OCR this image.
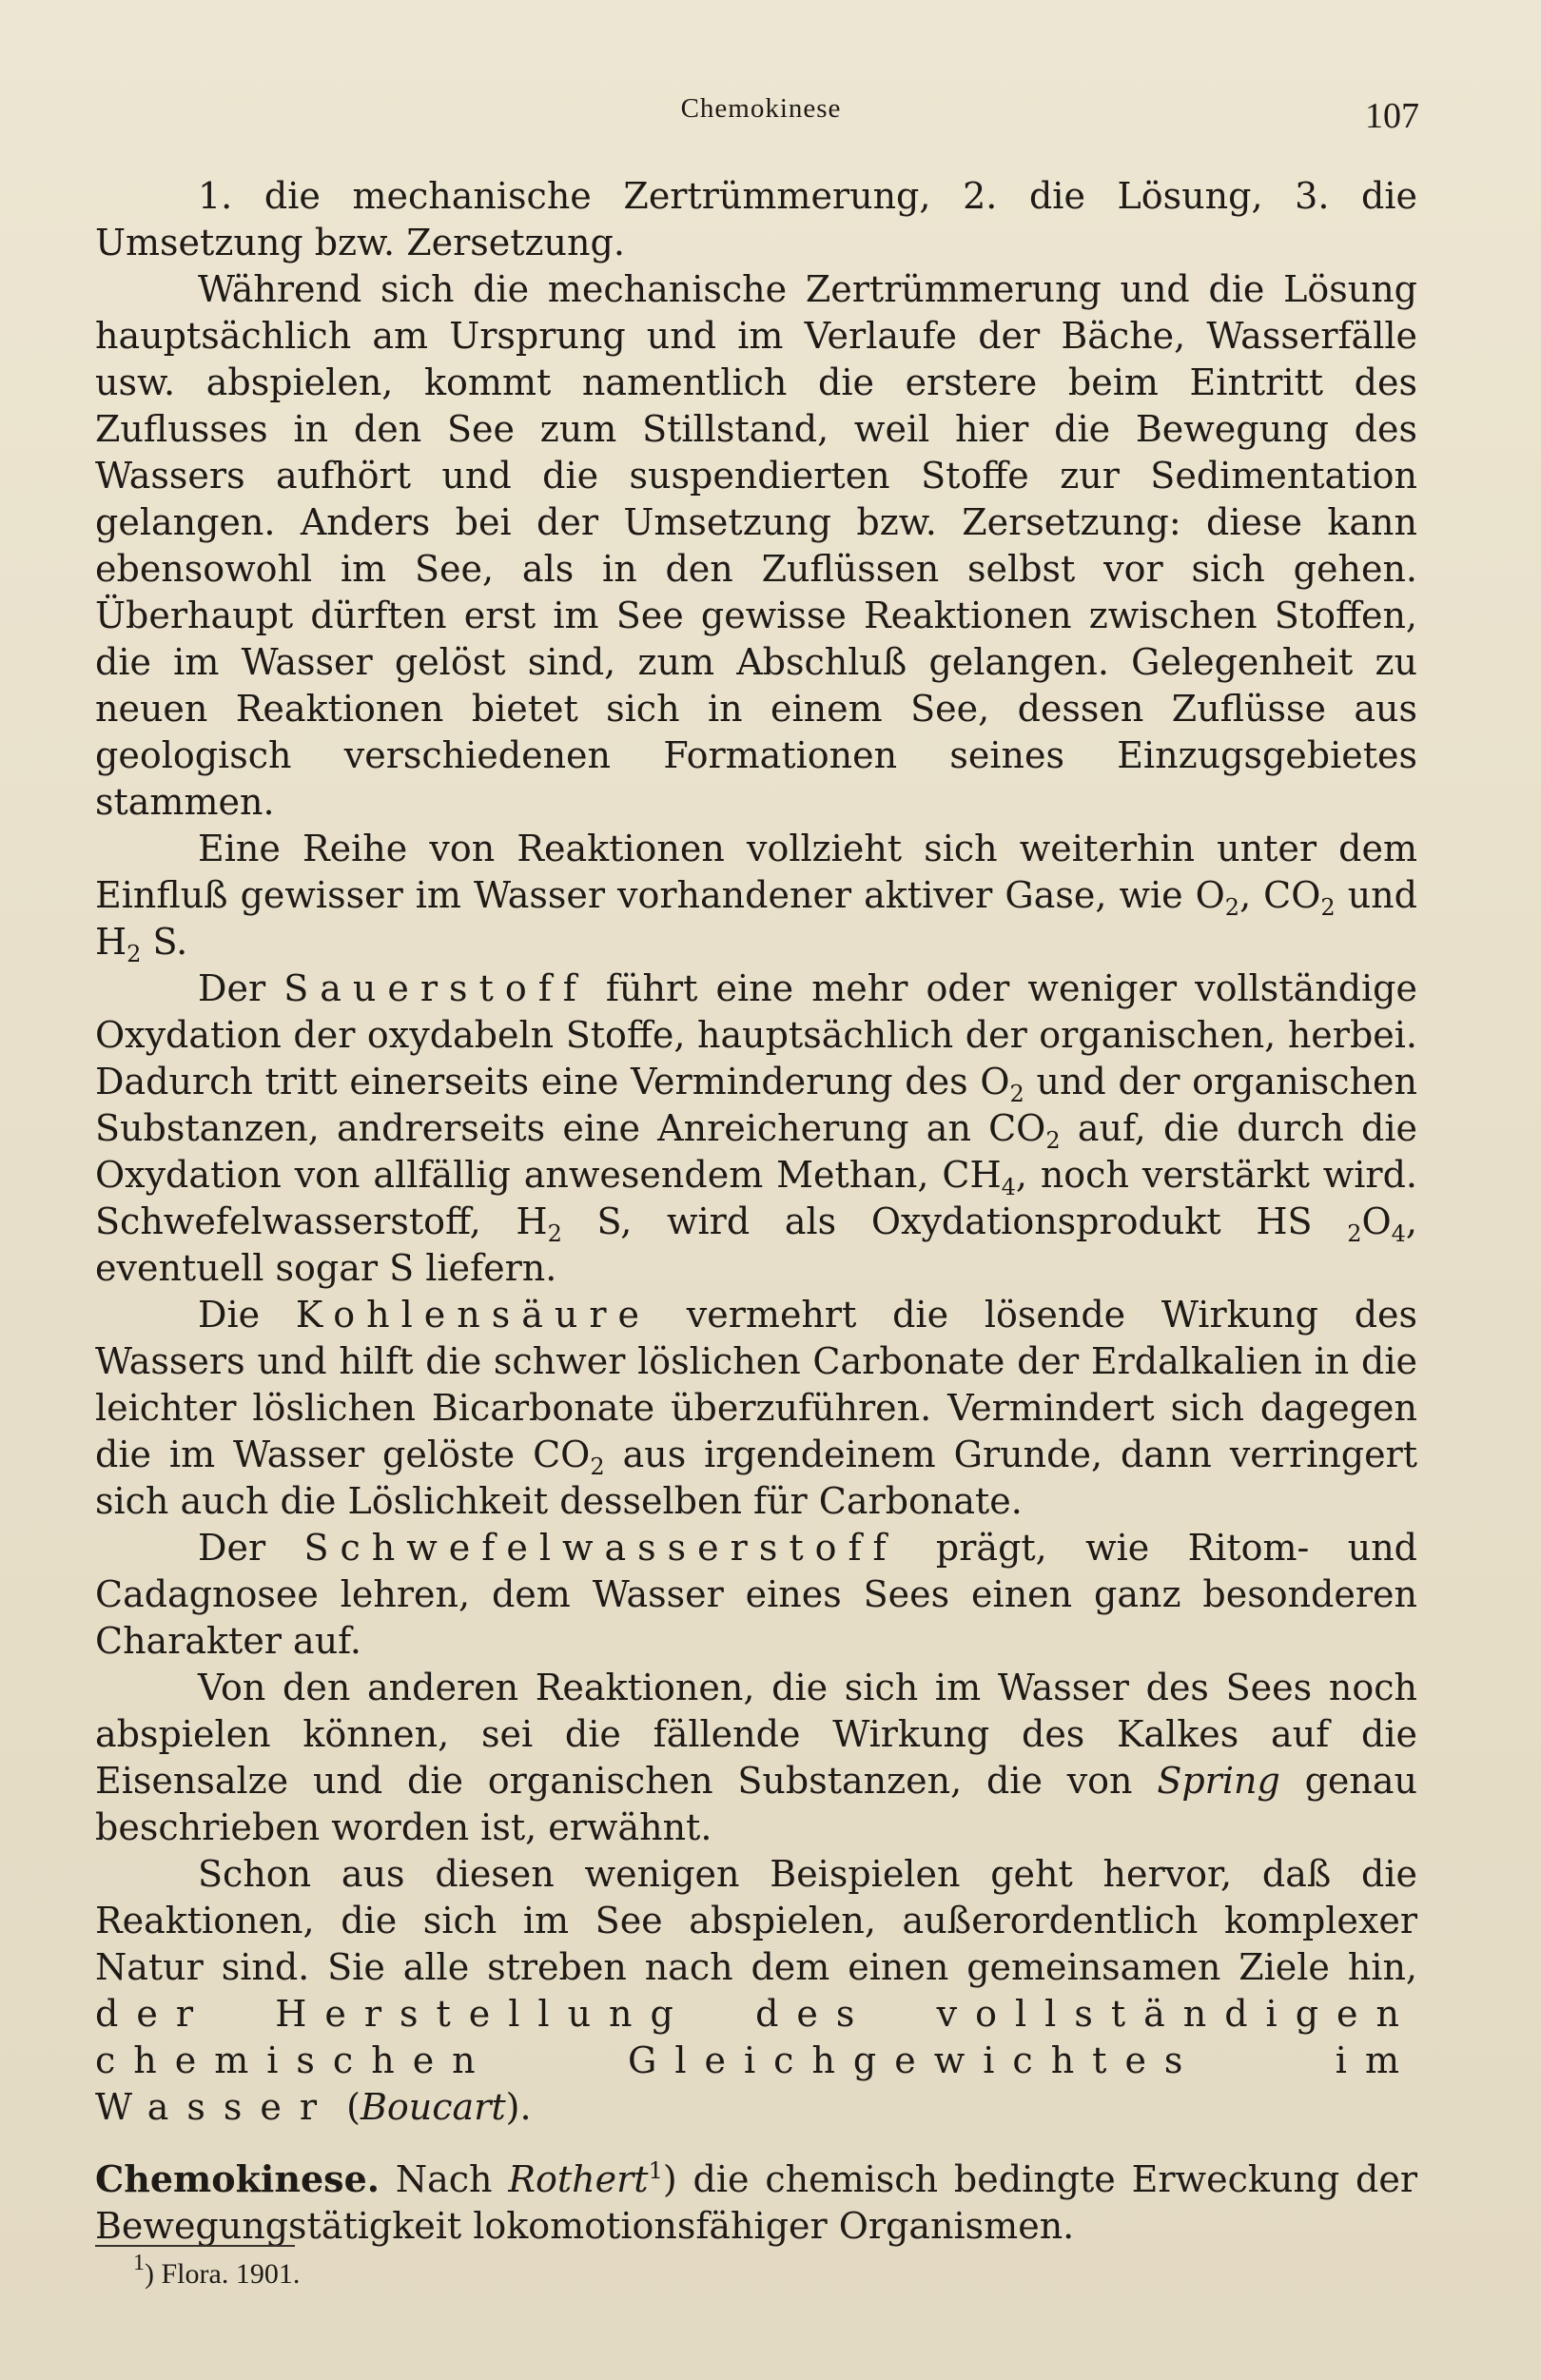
Chemokinese	107

1. die mechanische Zertrümmerung, 2. die Lösung, 3. die Umsetzung bzw. Zersetzung.

Während sich die mechanische Zertrümmerung und die Lösung hauptsächlich am Ursprung und im Verlaufe der Bäche, Wasserfälle usw. abspielen, kommt namentlich die erstere beim Eintritt des Zuflusses in den See zum Stillstand, weil hier die Bewegung des Wassers aufhört und die suspendierten Stoffe zur Sedimentation gelangen. Anders bei der Umsetzung bzw. Zersetzung: diese kann ebensowohl im See, als in den Zuflüssen selbst vor sich gehen. Überhaupt dürften erst im See gewisse Reaktionen zwischen Stoffen, die im Wasser gelöst sind, zum Abschluß gelangen. Gelegenheit zu neuen Reaktionen bietet sich in einem See, dessen Zuflüsse aus geologisch verschiedenen Formationen seines Einzugsgebietes stammen.

Eine Reihe von Reaktionen vollzieht sich weiterhin unter dem Einfluß gewisser im Wasser vorhandener aktiver Gase, wie $O_2$, $CO_2$ und $H_2$ S.

Der Sauerstoff führt eine mehr oder weniger vollständige Oxydation der oxydabeln Stoffe, hauptsächlich der organischen, herbei. Dadurch tritt einerseits eine Verminderung des $O_2$ und der organischen Substanzen, andrerseits eine Anreicherung an $CO_2$ auf, die durch die Oxydation von allfällig anwesendem Methan, $CH_4$, noch verstärkt wird. Schwefelwasserstoff, $H_2$ S, wird als Oxydationsprodukt HS $_2O_4$, eventuell sogar S liefern.

Die Kohlensäure vermehrt die lösende Wirkung des Wassers und hilft die schwer löslichen Carbonate der Erdalkalien in die leichter löslichen Bicarbonate überzuführen. Vermindert sich dagegen die im Wasser gelöste $CO_2$ aus irgendeinem Grunde, dann verringert sich auch die Löslichkeit desselben für Carbonate.

Der Schwefelwasserstoff prägt, wie Ritom- und Cadagnosee lehren, dem Wasser eines Sees einen ganz besonderen Charakter auf.

Von den anderen Reaktionen, die sich im Wasser des Sees noch abspielen können, sei die fällende Wirkung des Kalkes auf die Eisensalze und die organischen Substanzen, die von Spring genau beschrieben worden ist, erwähnt.

Schon aus diesen wenigen Beispielen geht hervor, daß die Reaktionen, die sich im See abspielen, außerordentlich komplexer Natur sind. Sie alle streben nach dem einen gemeinsamen Ziele hin, der Herstellung des vollständigen chemischen Gleichgewichtes im Wasser (Boucart).

Chemokinese. Nach Rothert$^1$) die chemisch bedingte Erweckung der Bewegungstätigkeit lokomotionsfähiger Organismen.

$^1$) Flora. 1901.
